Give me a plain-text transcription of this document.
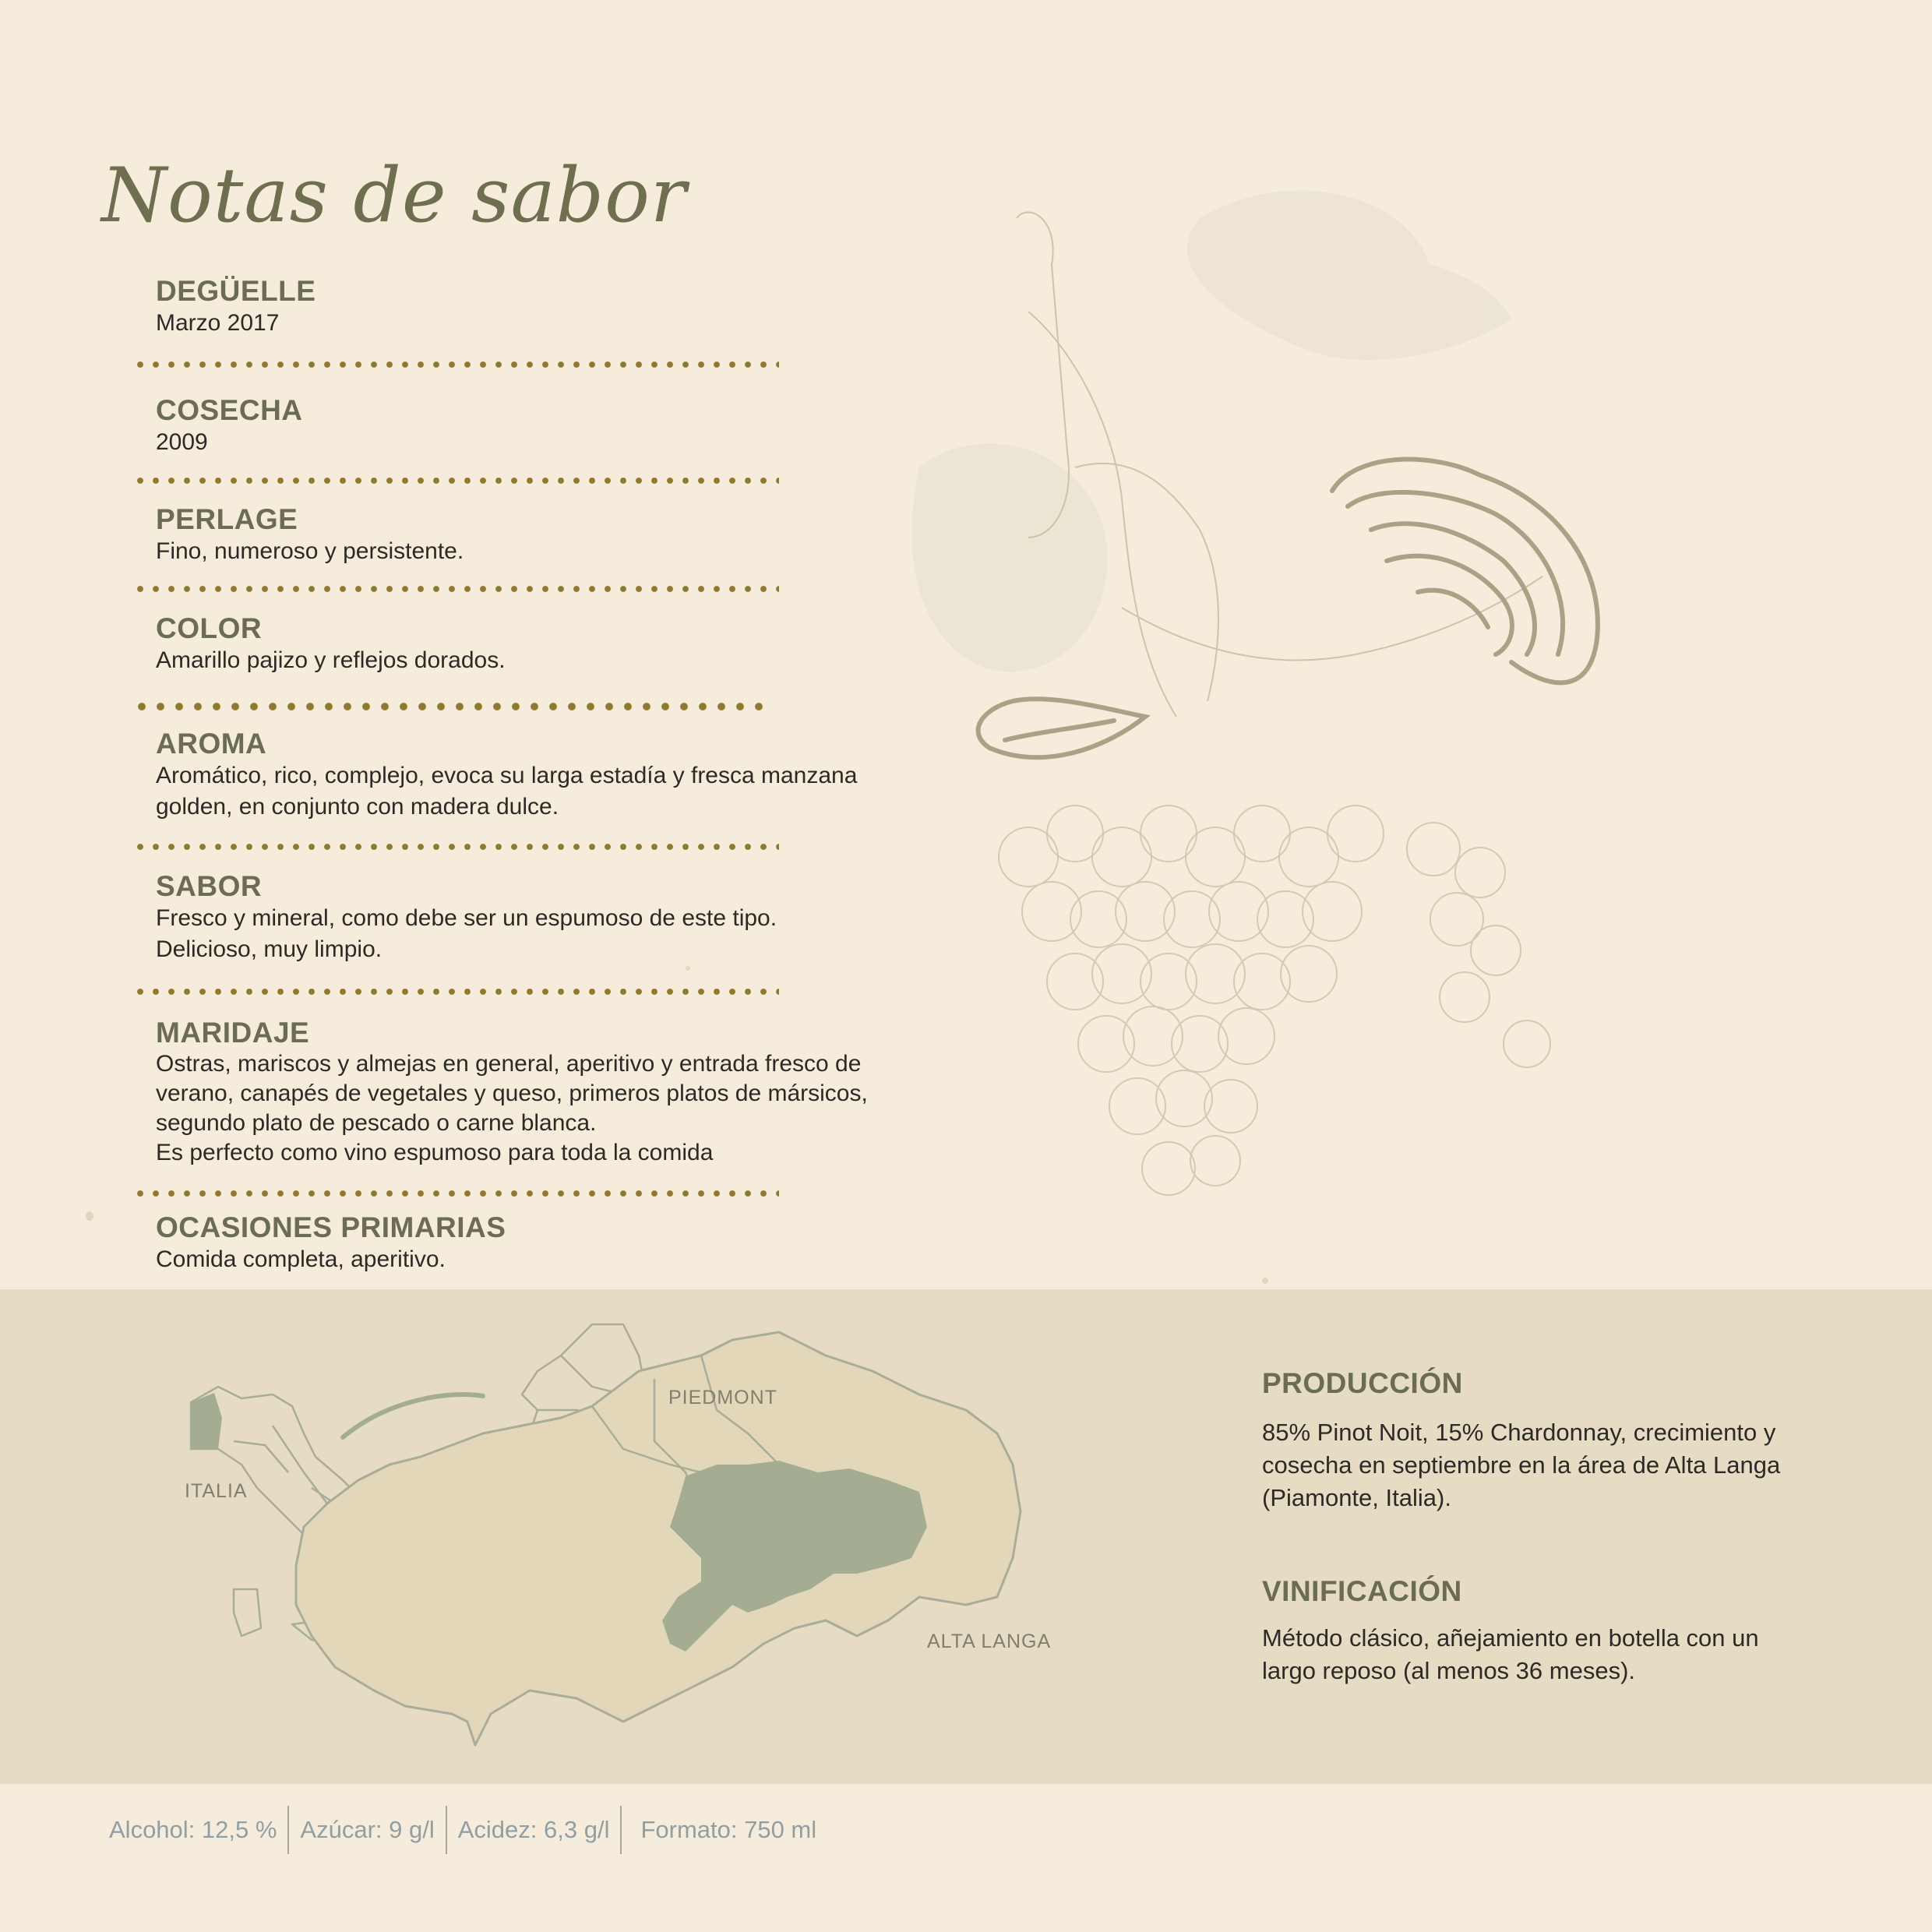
Notas de sabor
DEGÜELLE
Marzo 2017
COSECHA
2009
PERLAGE
Fino, numeroso y persistente.
COLOR
Amarillo pajizo y reflejos dorados.
AROMA
Aromático, rico, complejo, evoca su larga estadía y fresca manzana
golden, en conjunto con madera dulce.
SABOR
Fresco y mineral, como debe ser un espumoso de este tipo.
Delicioso, muy limpio.
MARIDAJE
Ostras, mariscos y almejas en general, aperitivo y entrada fresco de
verano, canapés de vegetales y queso, primeros platos de mársicos,
segundo plato de pescado o carne blanca.
Es perfecto como vino espumoso para toda la comida
OCASIONES PRIMARIAS
Comida completa, aperitivo.
ITALIA
PIEDMONT
ALTA LANGA
PRODUCCIÓN
85% Pinot Noit, 15% Chardonnay, crecimiento y cosecha en septiembre en la área de Alta Langa (Piamonte, Italia).
VINIFICACIÓN
Método clásico, añejamiento en botella con un largo reposo (al menos 36 meses).
Alcohol: 12,5 % Azúcar: 9 g/l Acidez: 6,3 g/l	Formato: 750 ml
